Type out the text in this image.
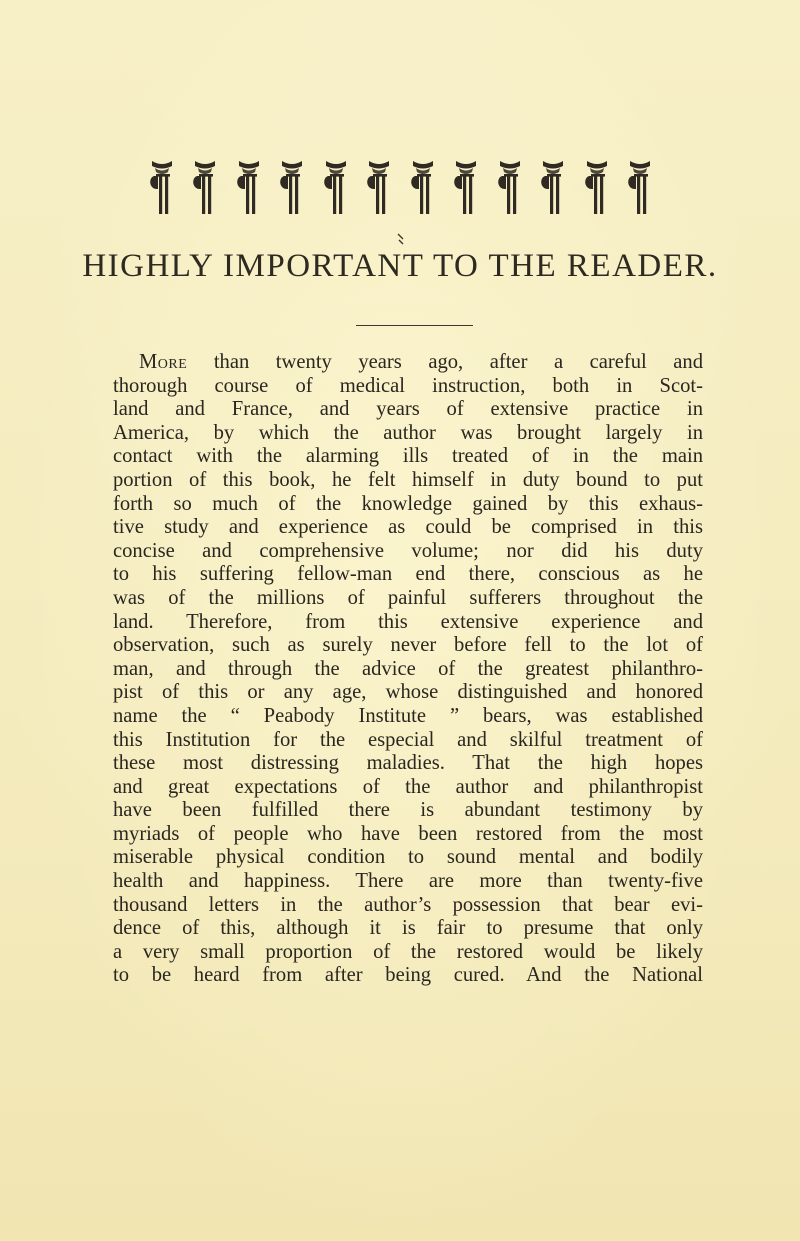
HIGHLY IMPORTANT TO THE READER.
More than twenty years ago, after a careful and
thorough course of medical instruction, both in Scot-
land and France, and years of extensive practice in
America, by which the author was brought largely in
contact with the alarming ills treated of in the main
portion of this book, he felt himself in duty bound to put
forth so much of the knowledge gained by this exhaus-
tive study and experience as could be comprised in this
concise and comprehensive volume; nor did his duty
to his suffering fellow-man end there, conscious as he
was of the millions of painful sufferers throughout the
land. Therefore, from this extensive experience and
observation, such as surely never before fell to the lot of
man, and through the advice of the greatest philanthro-
pist of this or any age, whose distinguished and honored
name the “ Peabody Institute ” bears, was established
this Institution for the especial and skilful treatment of
these most distressing maladies. That the high hopes
and great expectations of the author and philanthropist
have been fulfilled there is abundant testimony by
myriads of people who have been restored from the most
miserable physical condition to sound mental and bodily
health and happiness. There are more than twenty-five
thousand letters in the author’s possession that bear evi-
dence of this, although it is fair to presume that only
a very small proportion of the restored would be likely
to be heard from after being cured. And the National
